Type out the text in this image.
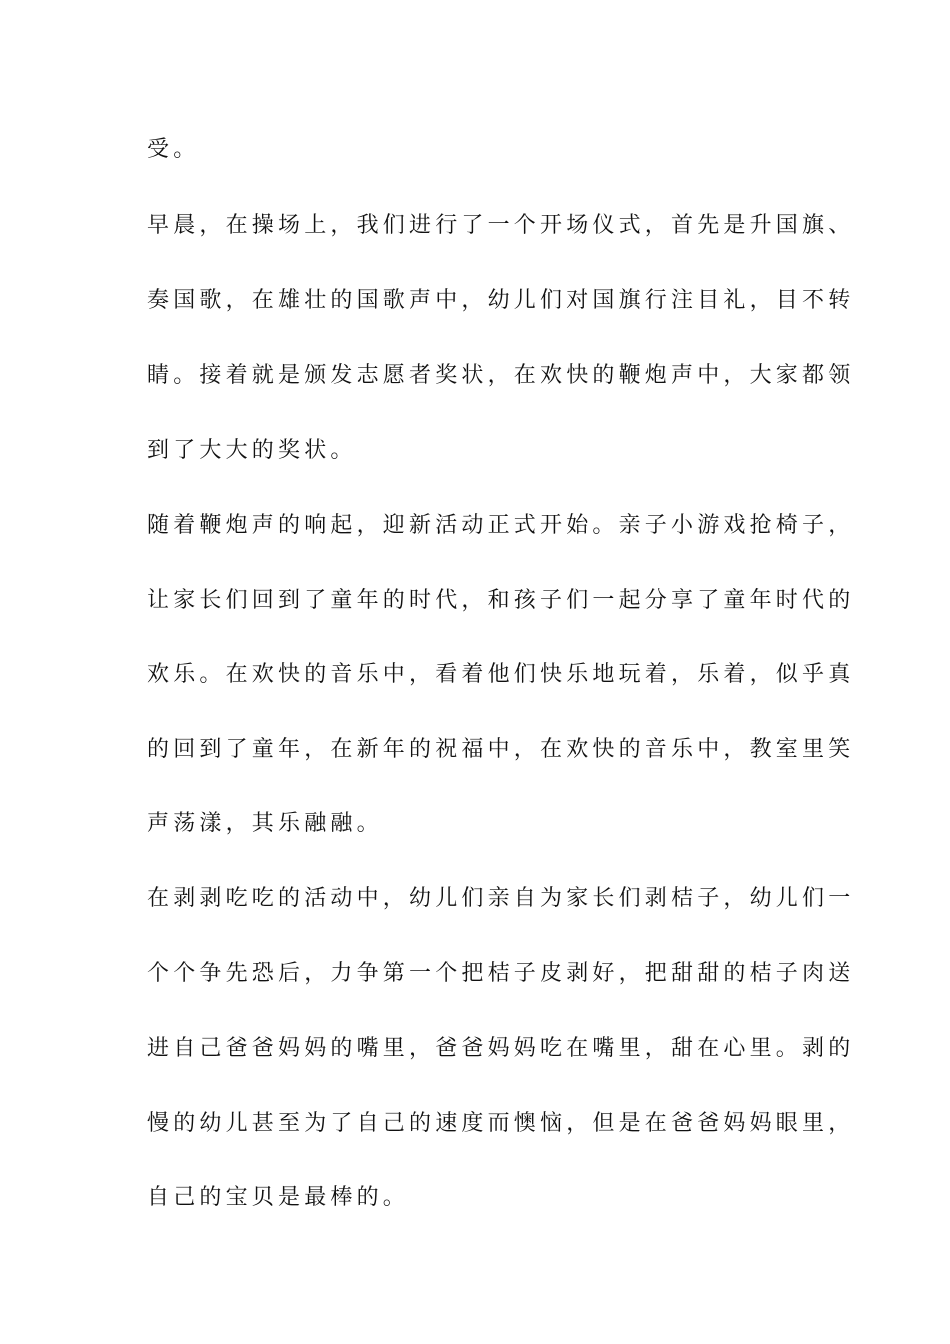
受。

早晨，在操场上，我们进行了一个开场仪式，首先是升国旗、

奏国歌，在雄壮的国歌声中，幼儿们对国旗行注目礼，目不转

睛。接着就是颁发志愿者奖状，在欢快的鞭炮声中，大家都领

到了大大的奖状。

随着鞭炮声的响起，迎新活动正式开始。亲子小游戏抢椅子，

让家长们回到了童年的时代，和孩子们一起分享了童年时代的

欢乐。在欢快的音乐中，看着他们快乐地玩着，乐着，似乎真

的回到了童年，在新年的祝福中，在欢快的音乐中，教室里笑

声荡漾，其乐融融。

在剥剥吃吃的活动中，幼儿们亲自为家长们剥桔子，幼儿们一

个个争先恐后，力争第一个把桔子皮剥好，把甜甜的桔子肉送

进自己爸爸妈妈的嘴里，爸爸妈妈吃在嘴里，甜在心里。剥的

慢的幼儿甚至为了自己的速度而懊恼，但是在爸爸妈妈眼里，

自己的宝贝是最棒的。
